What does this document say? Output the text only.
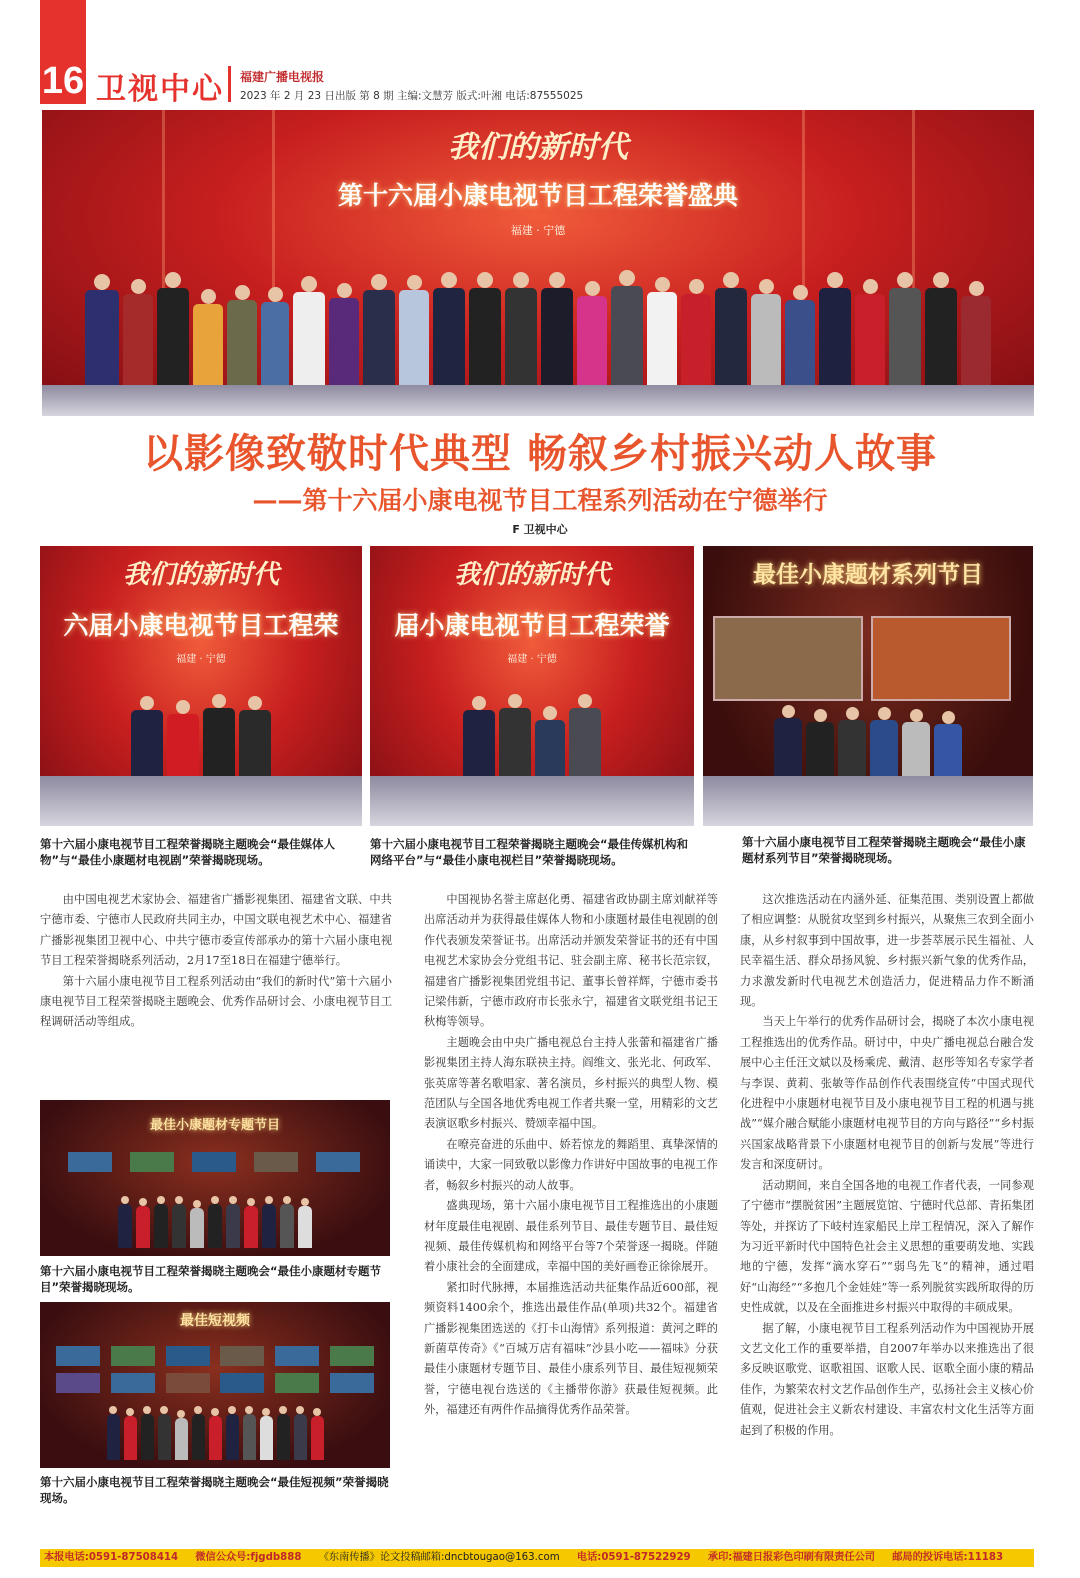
16 卫视中心 福建广播电视报
2023 年 2 月 23 日出版 第 8 期 主编:文慧芳 版式:叶湘 电话:87555025
我们的新时代
第十六届小康电视节目工程荣誉盛典
福建 · 宁德
以影像致敬时代典型 畅叙乡村振兴动人故事
——第十六届小康电视节目工程系列活动在宁德举行
F 卫视中心
我们的新时代
六届小康电视节目工程荣
福建 · 宁德
我们的新时代
届小康电视节目工程荣誉
福建 · 宁德
最佳小康题材系列节目
第十六届小康电视节目工程荣誉揭晓主题晚会“最佳媒体人物”与“最佳小康题材电视剧”荣誉揭晓现场。
第十六届小康电视节目工程荣誉揭晓主题晚会“最佳传媒机构和网络平台”与“最佳小康电视栏目”荣誉揭晓现场。
第十六届小康电视节目工程荣誉揭晓主题晚会“最佳小康题材系列节目”荣誉揭晓现场。

由中国电视艺术家协会、福建省广播影视集团、福建省文联、中共宁德市委、宁德市人民政府共同主办，中国文联电视艺术中心、福建省广播影视集团卫视中心、中共宁德市委宣传部承办的第十六届小康电视节目工程荣誉揭晓系列活动，2月17至18日在福建宁德举行。

第十六届小康电视节目工程系列活动由“我们的新时代”第十六届小康电视节目工程荣誉揭晓主题晚会、优秀作品研讨会、小康电视节目工程调研活动等组成。

最佳小康题材专题节目
第十六届小康电视节目工程荣誉揭晓主题晚会“最佳小康题材专题节目”荣誉揭晓现场。
最佳短视频
第十六届小康电视节目工程荣誉揭晓主题晚会“最佳短视频”荣誉揭晓现场。

中国视协名誉主席赵化勇、福建省政协副主席刘献祥等出席活动并为获得最佳媒体人物和小康题材最佳电视剧的创作代表颁发荣誉证书。出席活动并颁发荣誉证书的还有中国电视艺术家协会分党组书记、驻会副主席、秘书长范宗钗，福建省广播影视集团党组书记、董事长曾祥辉，宁德市委书记梁伟新，宁德市政府市长张永宁，福建省文联党组书记王秋梅等领导。

主题晚会由中央广播电视总台主持人张蕾和福建省广播影视集团主持人海东联袂主持。阎维文、张光北、何政军、张英席等著名歌唱家、著名演员，乡村振兴的典型人物、模范团队与全国各地优秀电视工作者共聚一堂，用精彩的文艺表演讴歌乡村振兴、赞颂幸福中国。

在嘹亮奋进的乐曲中、娇若惊龙的舞蹈里、真挚深情的诵读中，大家一同致敬以影像力作讲好中国故事的电视工作者，畅叙乡村振兴的动人故事。

盛典现场，第十六届小康电视节目工程推选出的小康题材年度最佳电视剧、最佳系列节目、最佳专题节目、最佳短视频、最佳传媒机构和网络平台等7个荣誉逐一揭晓。伴随着小康社会的全面建成，幸福中国的美好画卷正徐徐展开。

紧扣时代脉搏，本届推选活动共征集作品近600部，视频资料1400余个，推选出最佳作品(单项)共32个。福建省广播影视集团选送的《打卡山海情》系列报道：黄河之畔的新菌草传奇》《“百城万店有福味”沙县小吃——福味》分获最佳小康题材专题节目、最佳小康系列节目、最佳短视频荣誉，宁德电视台选送的《主播带你游》获最佳短视频。此外，福建还有两件作品摘得优秀作品荣誉。

这次推选活动在内涵外延、征集范围、类别设置上都做了相应调整：从脱贫攻坚到乡村振兴，从聚焦三农到全面小康，从乡村叙事到中国故事，进一步荟萃展示民生福祉、人民幸福生活、群众昂扬风貌、乡村振兴新气象的优秀作品，力求激发新时代电视艺术创造活力，促进精品力作不断涌现。

当天上午举行的优秀作品研讨会，揭晓了本次小康电视工程推选出的优秀作品。研讨中，中央广播电视总台融合发展中心主任汪文斌以及杨乘虎、戴清、赵彤等知名专家学者与李误、黄莉、张敏等作品创作代表围绕宣传“中国式现代化进程中小康题材电视节目及小康电视节目工程的机遇与挑战”“媒介融合赋能小康题材电视节目的方向与路径”“乡村振兴国家战略背景下小康题材电视节目的创新与发展”等进行发言和深度研讨。

活动期间，来自全国各地的电视工作者代表，一同参观了宁德市“摆脱贫困”主题展览馆、宁德时代总部、青拓集团等处，并探访了下岐村连家船民上岸工程情况，深入了解作为习近平新时代中国特色社会主义思想的重要萌发地、实践地的宁德，发挥“滴水穿石”“弱鸟先飞”的精神，通过唱好“山海经”“多抱几个金娃娃”等一系列脱贫实践所取得的历史性成就，以及在全面推进乡村振兴中取得的丰硕成果。

据了解，小康电视节目工程系列活动作为中国视协开展文艺文化工作的重要举措，自2007年举办以来推选出了很多反映讴歌党、讴歌祖国、讴歌人民、讴歌全面小康的精品佳作，为繁荣农村文艺作品创作生产，弘扬社会主义核心价值观，促进社会主义新农村建设、丰富农村文化生活等方面起到了积极的作用。

本报电话:0591-87508414 微信公众号:fjgdb888 《东南传播》论文投稿邮箱:dncbtougao@163.com 电话:0591-87522929 承印:福建日报彩色印刷有限责任公司 邮局的投诉电话:11183
